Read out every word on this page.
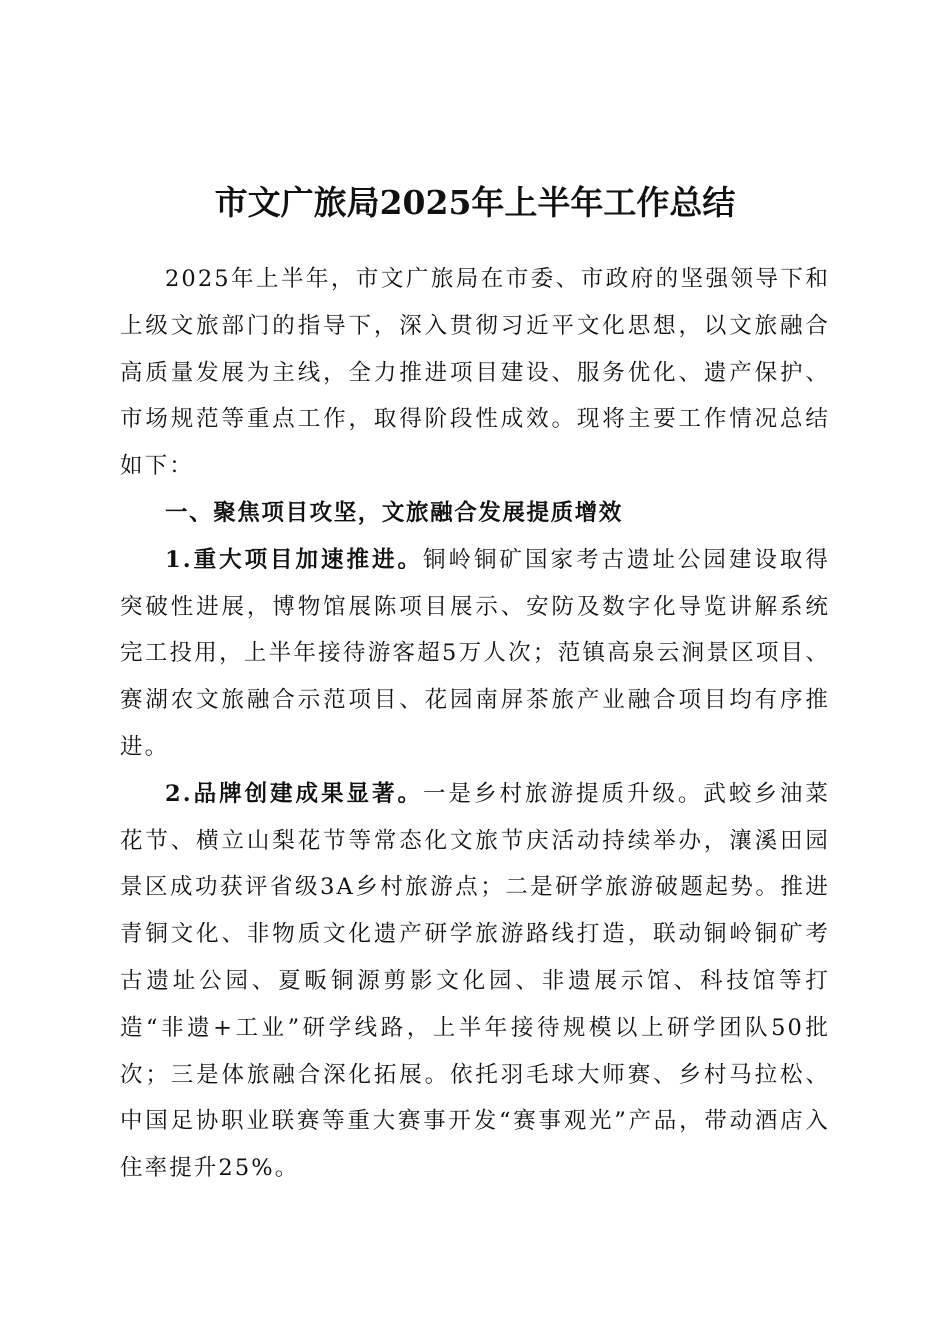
市文广旅局2025年上半年工作总结

2025年上半年，市文广旅局在市委、市政府的坚强领导下和上级文旅部门的指导下，深入贯彻习近平文化思想，以文旅融合高质量发展为主线，全力推进项目建设、服务优化、遗产保护、市场规范等重点工作，取得阶段性成效。现将主要工作情况总结如下：

一、聚焦项目攻坚，文旅融合发展提质增效

1.重大项目加速推进。铜岭铜矿国家考古遗址公园建设取得突破性进展，博物馆展陈项目展示、安防及数字化导览讲解系统完工投用，上半年接待游客超5万人次；范镇高泉云涧景区项目、赛湖农文旅融合示范项目、花园南屏茶旅产业融合项目均有序推进。

2.品牌创建成果显著。一是乡村旅游提质升级。武蛟乡油菜花节、横立山梨花节等常态化文旅节庆活动持续举办，瀼溪田园景区成功获评省级3A乡村旅游点；二是研学旅游破题起势。推进青铜文化、非物质文化遗产研学旅游路线打造，联动铜岭铜矿考古遗址公园、夏畈铜源剪影文化园、非遗展示馆、科技馆等打造“非遗+工业”研学线路，上半年接待规模以上研学团队50批次；三是体旅融合深化拓展。依托羽毛球大师赛、乡村马拉松、中国足协职业联赛等重大赛事开发“赛事观光”产品，带动酒店入住率提升25%。
